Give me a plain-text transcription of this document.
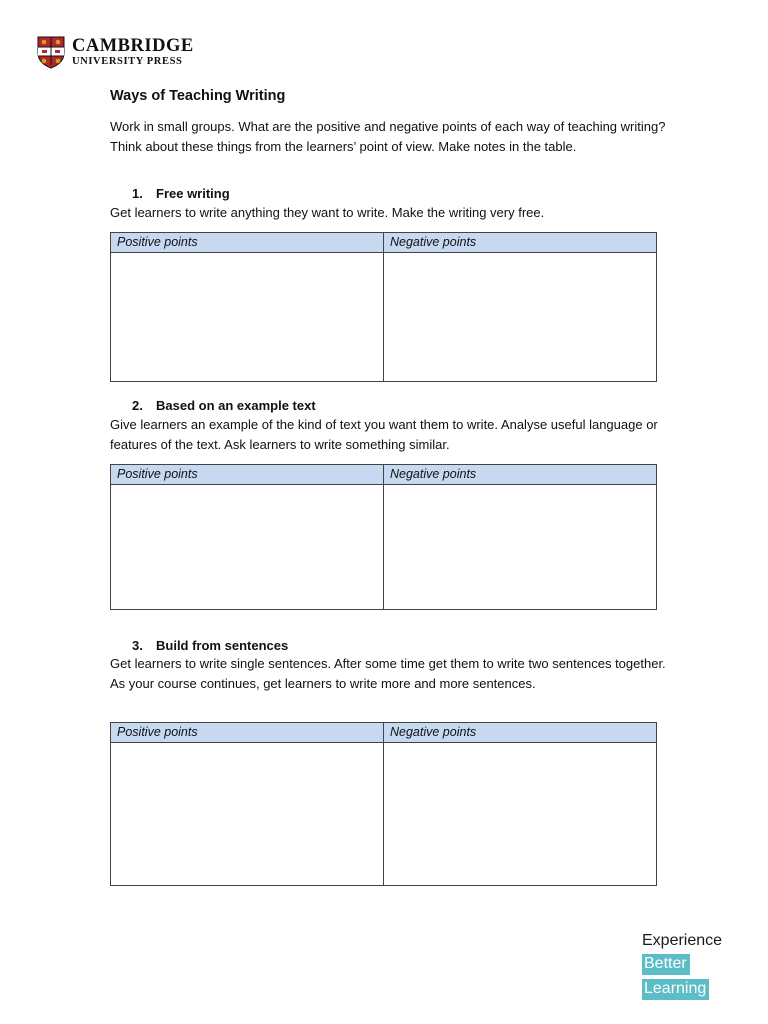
CAMBRIDGE
UNIVERSITY PRESS
Ways of Teaching Writing

Work in small groups. What are the positive and negative points of each way of teaching writing? Think about these things from the learners’ point of view. Make notes in the table.

1. Free writing

Get learners to write anything they want to write. Make the writing very free.

Positive points	Negative points
2. Based on an example text

Give learners an example of the kind of text you want them to write. Analyse useful language or features of the text. Ask learners to write something similar.

Positive points	Negative points
3. Build from sentences

Get learners to write single sentences. After some time get them to write two sentences together. As your course continues, get learners to write more and more sentences.

Positive points	Negative points
Experience
Better
Learning
